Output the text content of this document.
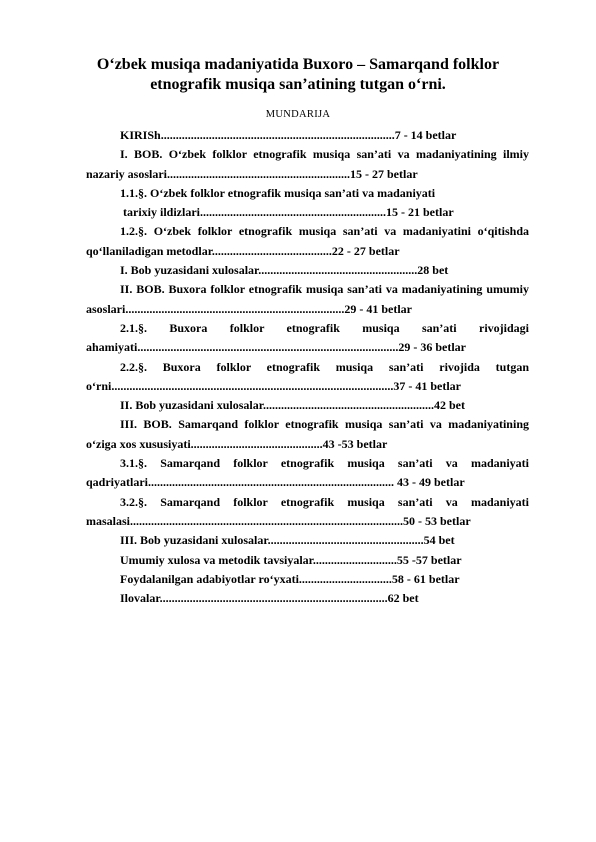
O‘zbek musiqa madaniyatida Buxoro – Samarqand folklor
etnografik musiqa san’atining tutgan o‘rni.
MUNDARIJA

KIRISh..............................................................................7 - 14 betlar

I. BOB. O‘zbek folklor etnografik musiqa san’ati va madaniyatining ilmiy nazariy asoslari.............................................................15 - 27 betlar

1.1.§. O‘zbek folklor etnografik musiqa san’ati va madaniyati

tarixiy ildizlari..............................................................15 - 21 betlar

1.2.§. O‘zbek folklor etnografik musiqa san’ati va madaniyatini o‘qitishda qo‘llaniladigan metodlar........................................22 - 27 betlar

I. Bob yuzasidani xulosalar.....................................................28 bet

II. BOB. Buxora folklor etnografik musiqa san’ati va madaniyatining umumiy asoslari.........................................................................29 - 41 betlar

2.1.§. Buxora folklor etnografik musiqa san’ati rivojidagi ahamiyati.......................................................................................29 - 36 betlar

2.2.§. Buxora folklor etnografik musiqa san’ati rivojida tutgan o‘rni..............................................................................................37 - 41 betlar

II. Bob yuzasidani xulosalar.........................................................42 bet

III. BOB. Samarqand folklor etnografik musiqa san’ati va madaniyatining o‘ziga xos xususiyati............................................43 -53 betlar

3.1.§. Samarqand folklor etnografik musiqa san’ati va madaniyati qadriyatlari.................................................................................. 43 - 49 betlar

3.2.§. Samarqand folklor etnografik musiqa san’ati va madaniyati masalasi...........................................................................................50 - 53 betlar

III. Bob yuzasidani xulosalar....................................................54 bet

Umumiy xulosa va metodik tavsiyalar............................55 -57 betlar

Foydalanilgan adabiyotlar ro‘yxati...............................58 - 61 betlar

Ilovalar............................................................................62 bet
